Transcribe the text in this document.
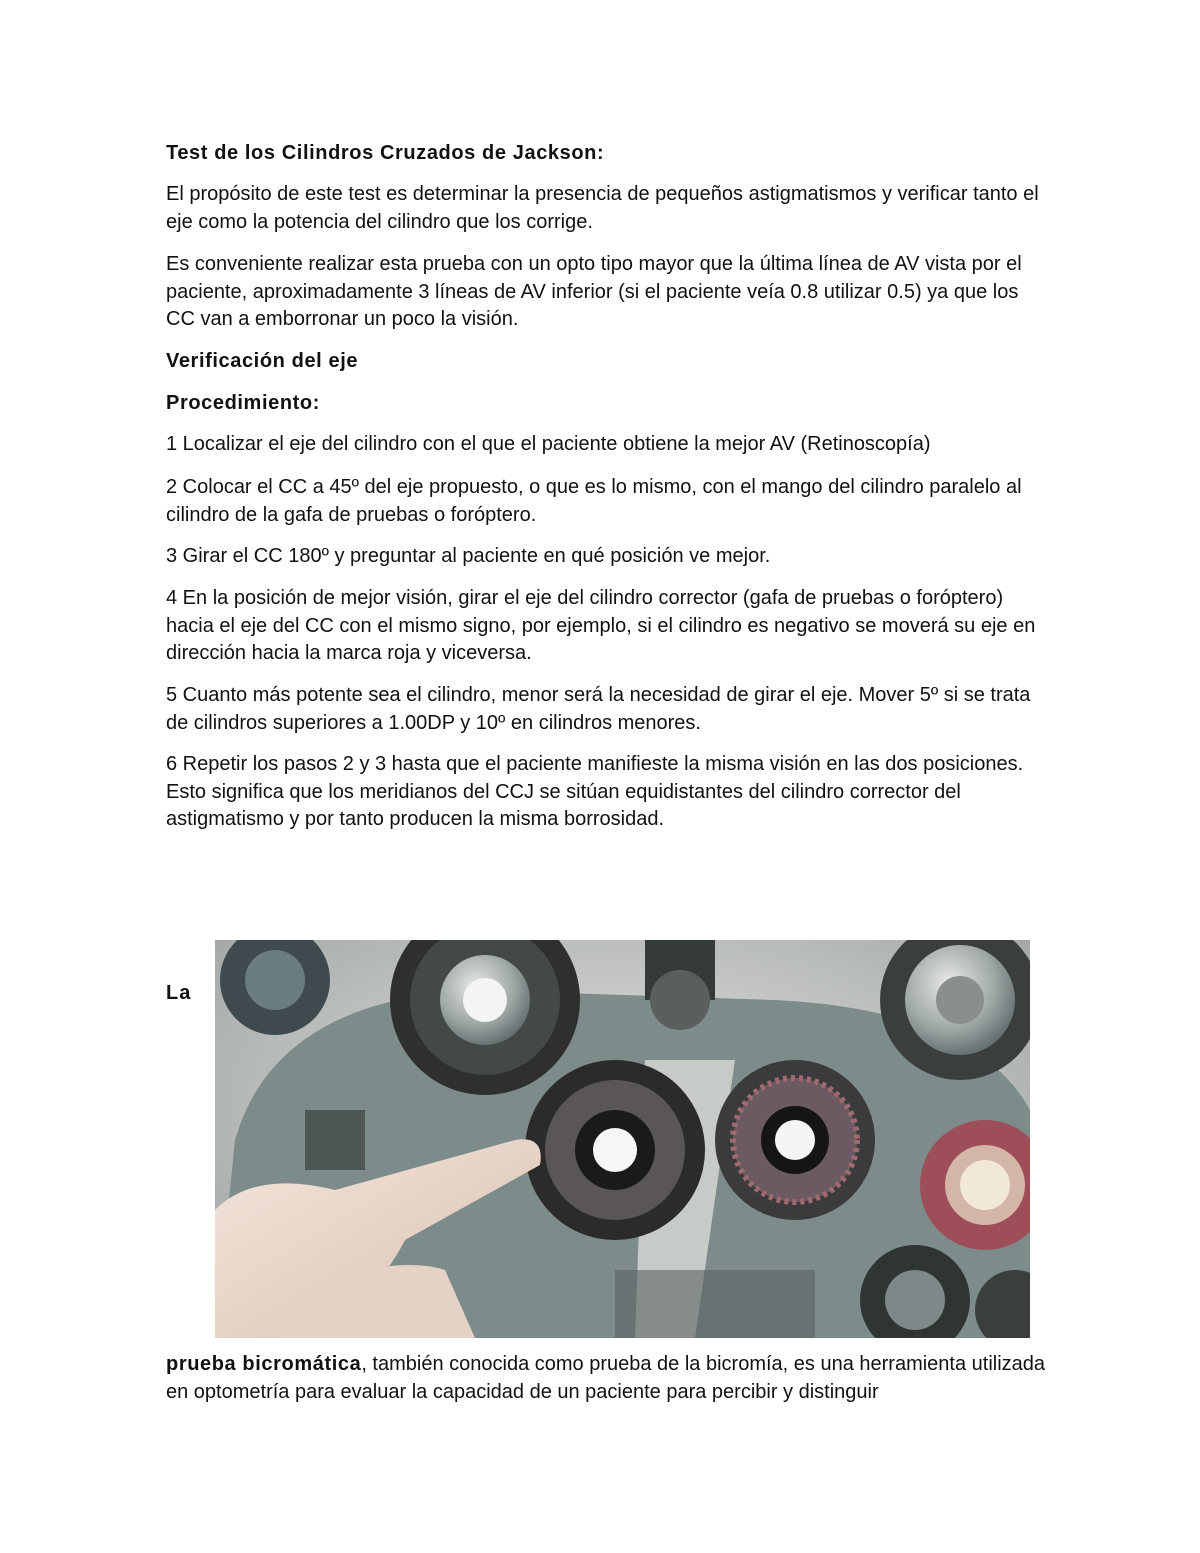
Test de los Cilindros Cruzados de Jackson:

El propósito de este test es determinar la presencia de pequeños astigmatismos y verificar tanto el eje como la potencia del cilindro que los corrige.

Es conveniente realizar esta prueba con un opto tipo mayor que la última línea de AV vista por el paciente, aproximadamente 3 líneas de AV inferior (si el paciente veía 0.8 utilizar 0.5) ya que los CC van a emborronar un poco la visión.

Verificación del eje

Procedimiento:

1 Localizar el eje del cilindro con el que el paciente obtiene la mejor AV (Retinoscopía)

2 Colocar el CC a 45º del eje propuesto, o que es lo mismo, con el mango del cilindro paralelo al cilindro de la gafa de pruebas o foróptero.

3 Girar el CC 180º y preguntar al paciente en qué posición ve mejor.

4 En la posición de mejor visión, girar el eje del cilindro corrector (gafa de pruebas o foróptero) hacia el eje del CC con el mismo signo, por ejemplo, si el cilindro es negativo se moverá su eje en dirección hacia la marca roja y viceversa.

5 Cuanto más potente sea el cilindro, menor será la necesidad de girar el eje. Mover 5º si se trata de cilindros superiores a 1.00DP y 10º en cilindros menores.

6 Repetir los pasos 2 y 3 hasta que el paciente manifieste la misma visión en las dos posiciones. Esto significa que los meridianos del CCJ se sitúan equidistantes del cilindro corrector del astigmatismo y por tanto producen la misma borrosidad.

La

prueba bicromática, también conocida como prueba de la bicromía, es una herramienta utilizada en optometría para evaluar la capacidad de un paciente para percibir y distinguir
